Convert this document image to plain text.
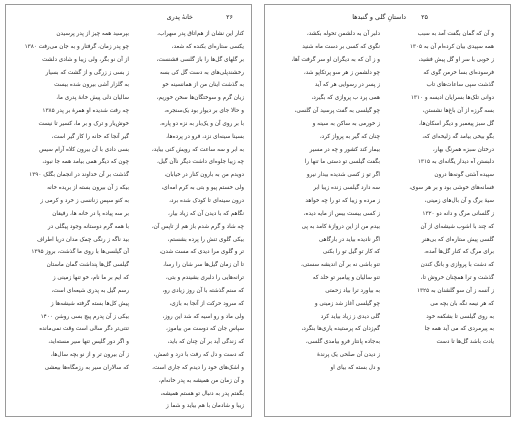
۲۶
خانهٔ پدری
کنار این نشان از هم‌اتاق پدر سهراب،
یکسی ستاره‌ای بکنده که شعد،
بر گلهای گل‌ها را باز گلسی فشنست،
رخشندپلی‌های به دست گل کی بسه
به گذشت اینان من از همانسینه خو
زیان گرم و سوختگان‌ها سخن خوریم،
و حالا جای بر دیوار بود یک‌سنجره،
با بر روی آن و یک‌بار به نزه دو پاره،
بسینا سینه‌ای نزد، فرو در پرده‌ها،
به ابر و سه ساعت که رویش کنی بیاید،
چه زیبا جلوه‌ای داشت دیگر ناآن گیل،
دویدم من به بارون کنار در خیابان،
ولی خستم پیو و بتی به کرم امه‌ای،
درون سینه‌ای تا کودک شده برد،
نگاهم که با دیدن آن که زیاد بیار،
چه شاد و گرم شدم باز هم از تاپس آن،
بیکی گلوی تنش را پرده بشستم،
تر و گلوی مرا دیدی که مست شدن،
تا آن زمان گیل‌ها سر شان را رسا،
ترانه‌هایی را دلبری بشیندم و بتی،
که سنم گذشته با آن روز زیادی رو،
که سرود حرکت از آنجا به بازی،
ولی ماد و رو اسیه که شد این روز،
سپاس جان که دوست من بیاموز،
که زندگی آید بر آن چنان که باید،
که دست و دل که رفت با درد و غمش،
و اشک‌های خود را دیدم که جاری است،
و آن زمان من همیشه به پدر خانه‌ام،
بگفتم پدر به دنبال تو هستم همیشه،
زیبا و شادمان با هم بیاید و شما ز
بپرسید همه چیز از پدر پرسیدن
چو پدر زمان، گرفتار و به جان می‌رفت ۱۳۸۰
از آن نو بگر، ولی زیبا و شادی دلشت
ز بسی ز زرگی و از گشت که بسیار
به گلزار آشی بیرون شده بیست
سالیان دلی پیش خانهٔ پدری ما،
چه رفت شدیده او همرهٔ بر پدر ۱۳۸۵
خوش‌یار و ترک و بر ما، کسیر تا نیست
گیر آنجا که خانه را کار گیر است،
بسی دادی با آن بیرون کلاه آرام سیس
چون که دیگر همی بیامد همه جا نبود،
گذشت بر آن خداوند در انجمان بگلک ۱۳۹۰
بیکه ز آن بیرون بسته از بریده خانه
به کنو سپس زنانسی ز خرد و کرمی ز
بر سه پیاده پا در خانه ها، رفیقان
با همه گرم دوستانه وجود پیگلی در
بید ناگه ز رنگی چمک مدان دریا اطراف
آن گیلسی‌ها با روی ما گذشت، بروز ۱۳۹۵
گیلسی گل‌ها پنداشت گمان ماستان
که ایم بر ما نام، خو تنها زمینی ز
رسم گیل به پدری شیعه‌ای است،
پیش کل‌ها بسته گرفته شیشه‌ها ز
بیکی ز آن پدرم پیچ بسی روشن ۱۴۰۰
تنتی‌تر دگر سالی است وقت نمی‌مانده
و اگر دور گلیس تنها سیر مسته‌اید،
ز آن بیرون تر و از نو بچه سال‌ها،
که سالاران سیر به رزمگاه‌ها بیعشی
۲۵
داستانِ گلی و گنبد‌ها
و آن که گمان بگفت آمد به سبب
همه سپیدی بیان کرده‌ام آن به ۱۳۰۵
ز خوبی با سر او گل پیش فشید،
فرسوده‌ای بسا خرمن گوی که
گذشت سپی ساعات‌های تاب
دوانی تلک‌ها بسرایان ادیسه و ۱۳۱۰
بسه گرزه از آن باغ‌ها نشستن،
گل سبز پیغمبر و دیگر اسکان‌ها،
بگو بیخی بیامد گه زلیخه‌ای که،
درختان سبزه همرنگ بهار،
دلبستن آه دیدار یگانه‌ای به ۱۳۱۵
سپیده آشتی گونه‌ها درون
فسانه‌های خوشی بود و بر هر سوی،
سیهٔ برگ و آن بال‌های زمینی،
ز گلسانی مرگ و دانه دو ۱۳۲۰
که چند با اشوب شیشه‌ای از آن
گلسی پیش ستاره‌ای که بی‌هنر
برای مرگ که کنار گل‌ها آمده،
که دشت با پروازی و بانگ کندن
گذشت و ترا همچنان خروش تا،
ز آنسه ز آن سو گلشنان به ۱۳۲۵
که هر نیمه نگه بان بچه می
به روی گیلسی تا بشکفه خود
به پیرمردی که می آید همه جا
یادت باشد گل‌ها تا دست
دلبر آن به دلشمن تحوله بکشد،
نگوی که کسی بر دست ماه شنید
و ز آن که به دیگران او سر گرفت آها،
چو دلشمن ز هر سو پرتکاپو شد،
ز پسر در رسوایی هر که آید
همی پرد ب پروازی که بگیرد،
چو گیلسی به گفت پرسید آن گلسی،
ز خورمی به ساکن به سینه و
چنان که گیر به پرواز کرد،
بیمار کند کشور و چه در مسیر
بگفت گیلسی تو دستی ما تنها را
اگر تو ز کسی شدیده بیدار نیرو
سه دارد گیلسی زنده زیبا ابر
ز مرده و زیبا که تو را چه خواهد
ز کسی بیست بیس از مایه دیده،
بیدم من از این دروازهٔ کامد به پی
اگر نادیده بیاید در بارگاهی
که کار تو گیل تو را بکنی
تنو باشی نه بر آن اندیشه سستی،
تنو سالیان و پیامبر تو خلد که
به بیاورد ترا بیاد زحمتی
چو گیلسی آغاز شد زمینی و
گلی دیدی ز زیاد بیاید کرد
گم‌زدان که پرستیده یاری‌ها بنگرد،
به‌جاده پانتار فرو بیامدی گلسی،
ز دیدن آن صلحی یک پرندهٔ
و دل بسته که بیای او
